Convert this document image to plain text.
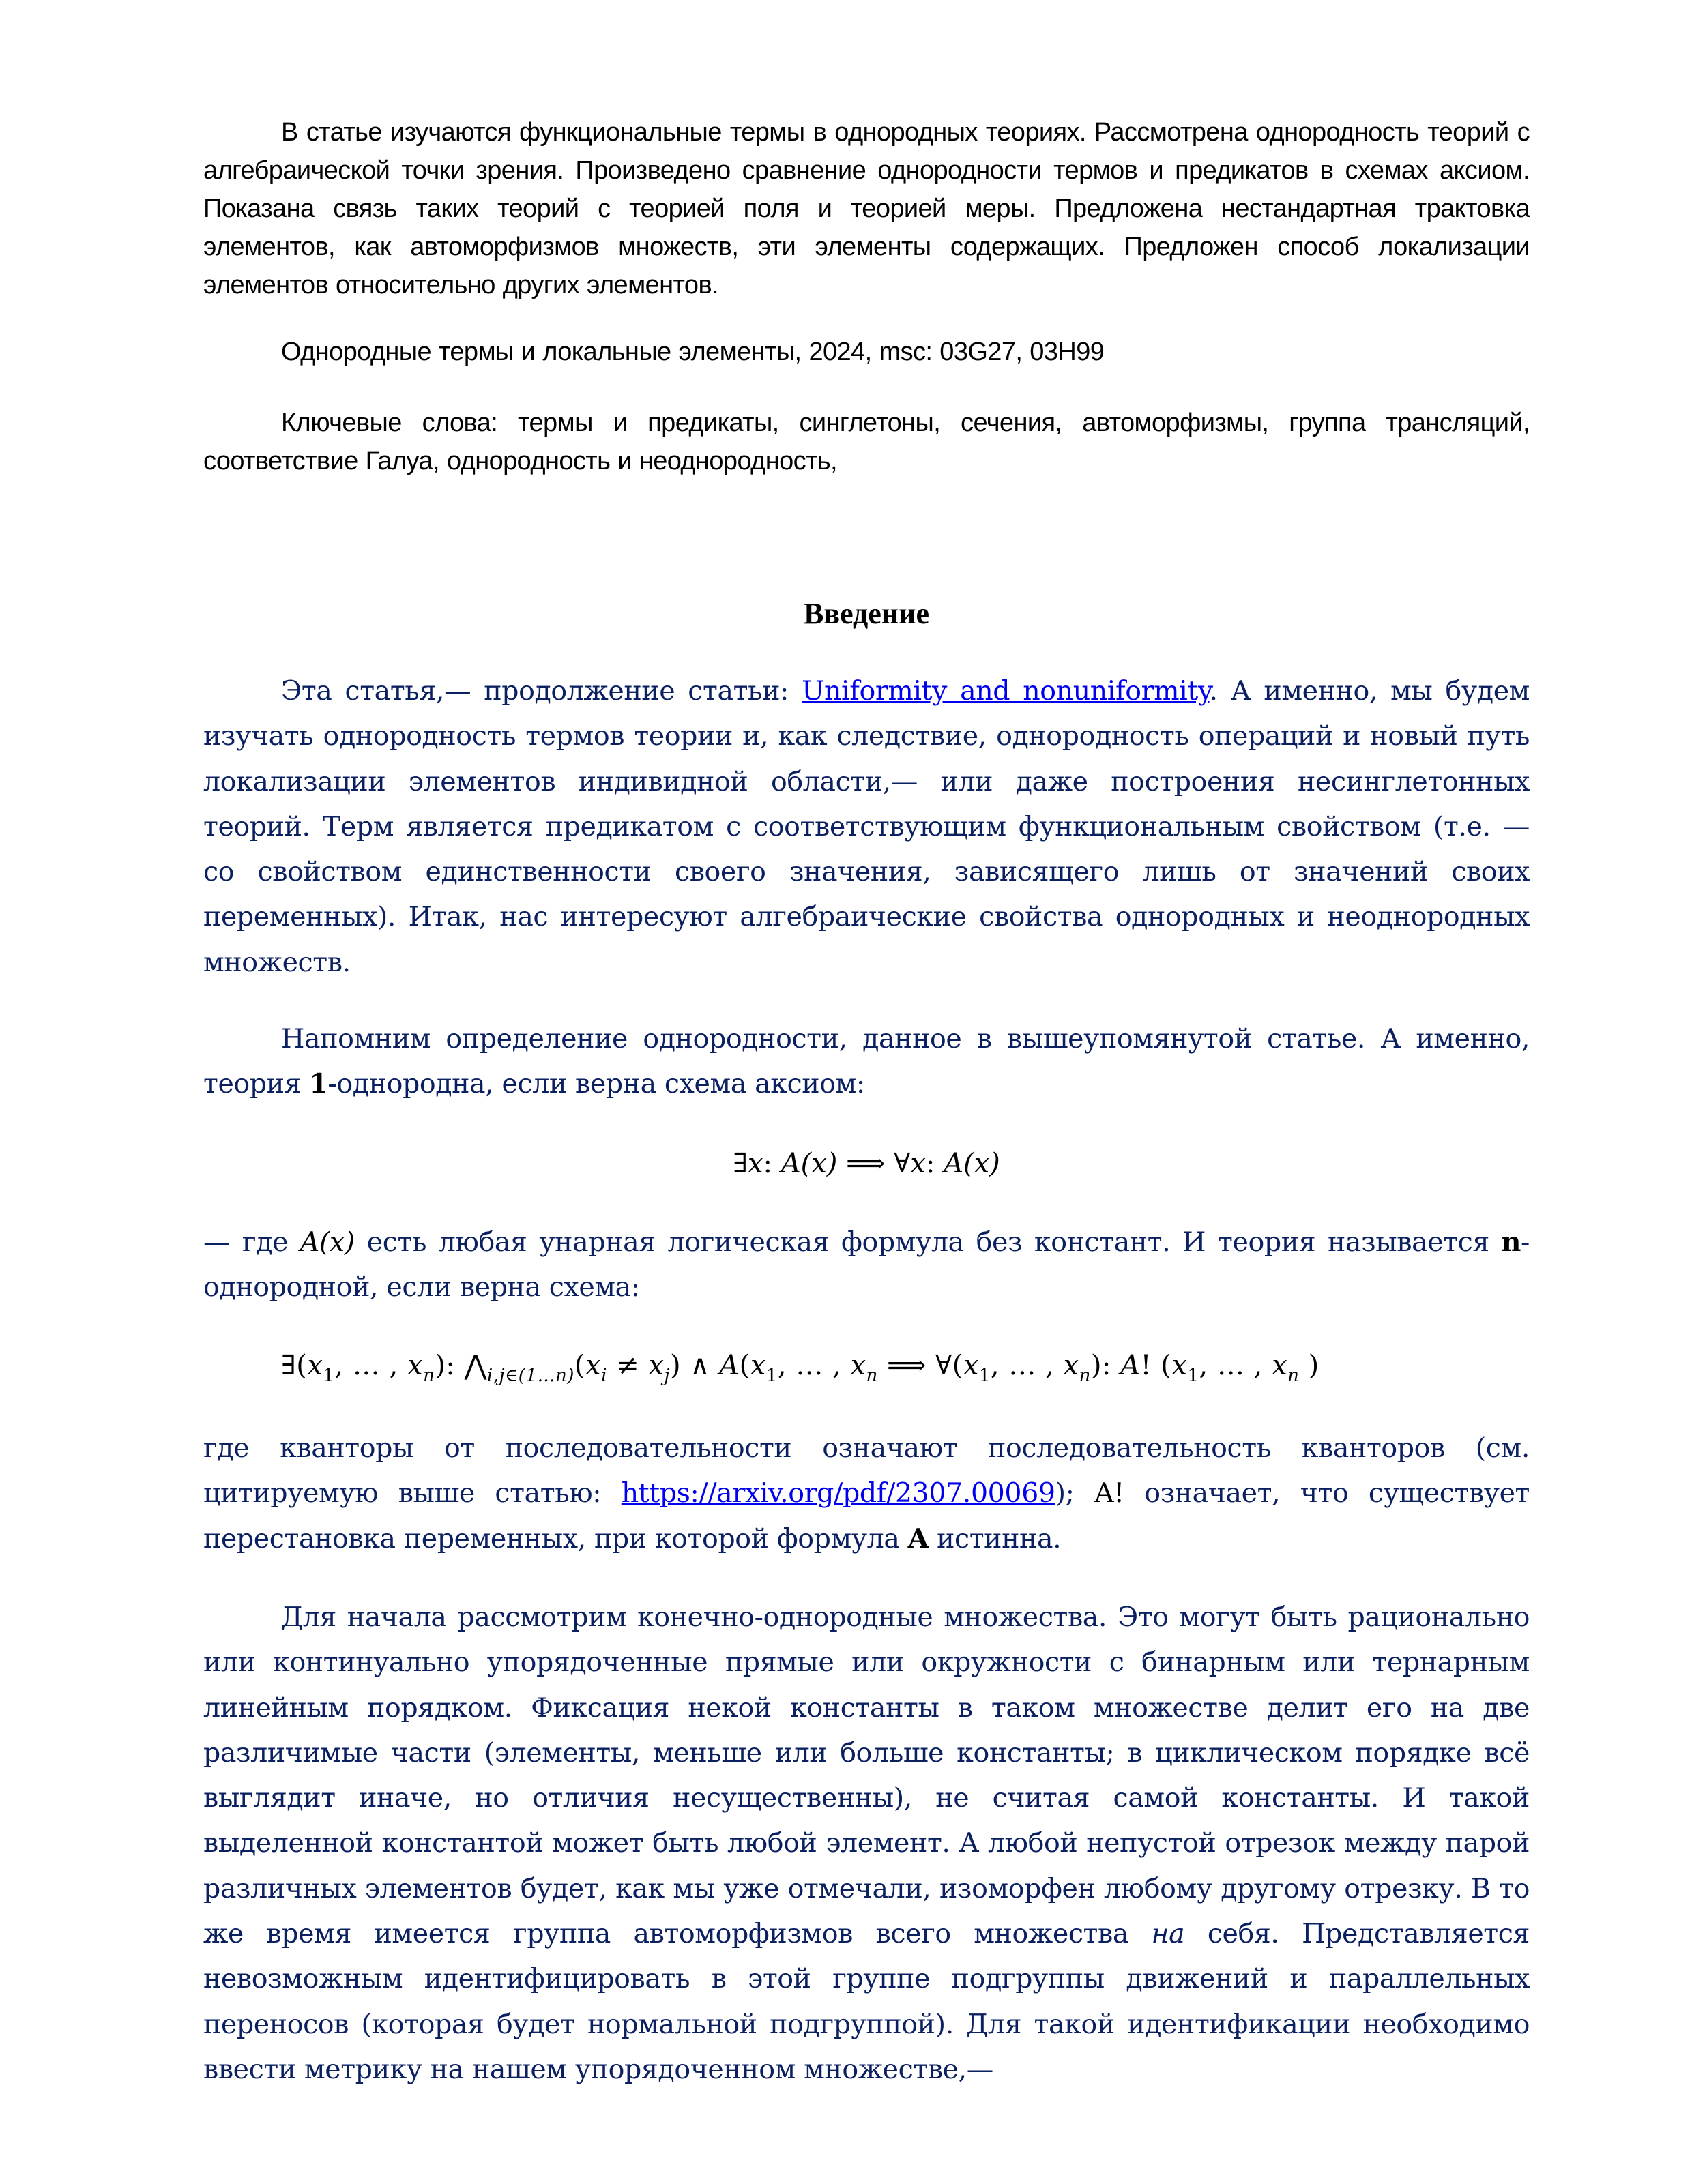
В статье изучаются функциональные термы в однородных теориях. Рассмотрена однородность теорий с алгебраической точки зрения. Произведено сравнение однородности термов и предикатов в схемах аксиом. Показана связь таких теорий с теорией поля и теорией меры. Предложена нестандартная трактовка элементов, как автоморфизмов множеств, эти элементы содержащих. Предложен способ локализации элементов относительно других элементов.

Однородные термы и локальные элементы, 2024, msc: 03G27, 03H99

Ключевые слова: термы и предикаты, синглетоны, сечения, автоморфизмы, группа трансляций, соответствие Галуа, однородность и неоднородность,

Введение

Эта статья,— продолжение статьи: Uniformity and nonuniformity. А именно, мы будем изучать однородность термов теории и, как следствие, однородность операций и новый путь локализации элементов индивидной области,— или даже построения несинглетонных теорий. Терм является предикатом с соответствующим функциональным свойством (т.е. — со свойством единственности своего значения, зависящего лишь от значений своих переменных). Итак, нас интересуют алгебраические свойства однородных и неоднородных множеств.

Напомним определение однородности, данное в вышеупомянутой статье. А именно, теория 1-однородна, если верна схема аксиом:

∃x: A(x) ⟹ ∀x: A(x)

— где A(x) есть любая унарная логическая формула без констант. И теория называется n-однородной, если верна схема:

$\exists(x_1$, … , $x_n$): $⋀_{i,j\in(1\dots n)}(x_i \ne x_j)$ ∧ $A(x_1$, … , $x_n$ ⟹ $\forall(x_1$, … , $x_n$): A! ($x_1$, … , $x_n$ )

где кванторы от последовательности означают последовательность кванторов (см. цитируемую выше статью: https://arxiv.org/pdf/2307.00069); A! означает, что существует перестановка переменных, при которой формула A истинна.

Для начала рассмотрим конечно-однородные множества. Это могут быть рационально или континуально упорядоченные прямые или окружности с бинарным или тернарным линейным порядком. Фиксация некой константы в таком множестве делит его на две различимые части (элементы, меньше или больше константы; в циклическом порядке всё выглядит иначе, но отличия несущественны), не считая самой константы. И такой выделенной константой может быть любой элемент. А любой непустой отрезок между парой различных элементов будет, как мы уже отмечали, изоморфен любому другому отрезку. В то же время имеется группа автоморфизмов всего множества на себя. Представляется невозможным идентифицировать в этой группе подгруппы движений и параллельных переносов (которая будет нормальной подгруппой). Для такой идентификации необходимо ввести метрику на нашем упорядоченном множестве,—
